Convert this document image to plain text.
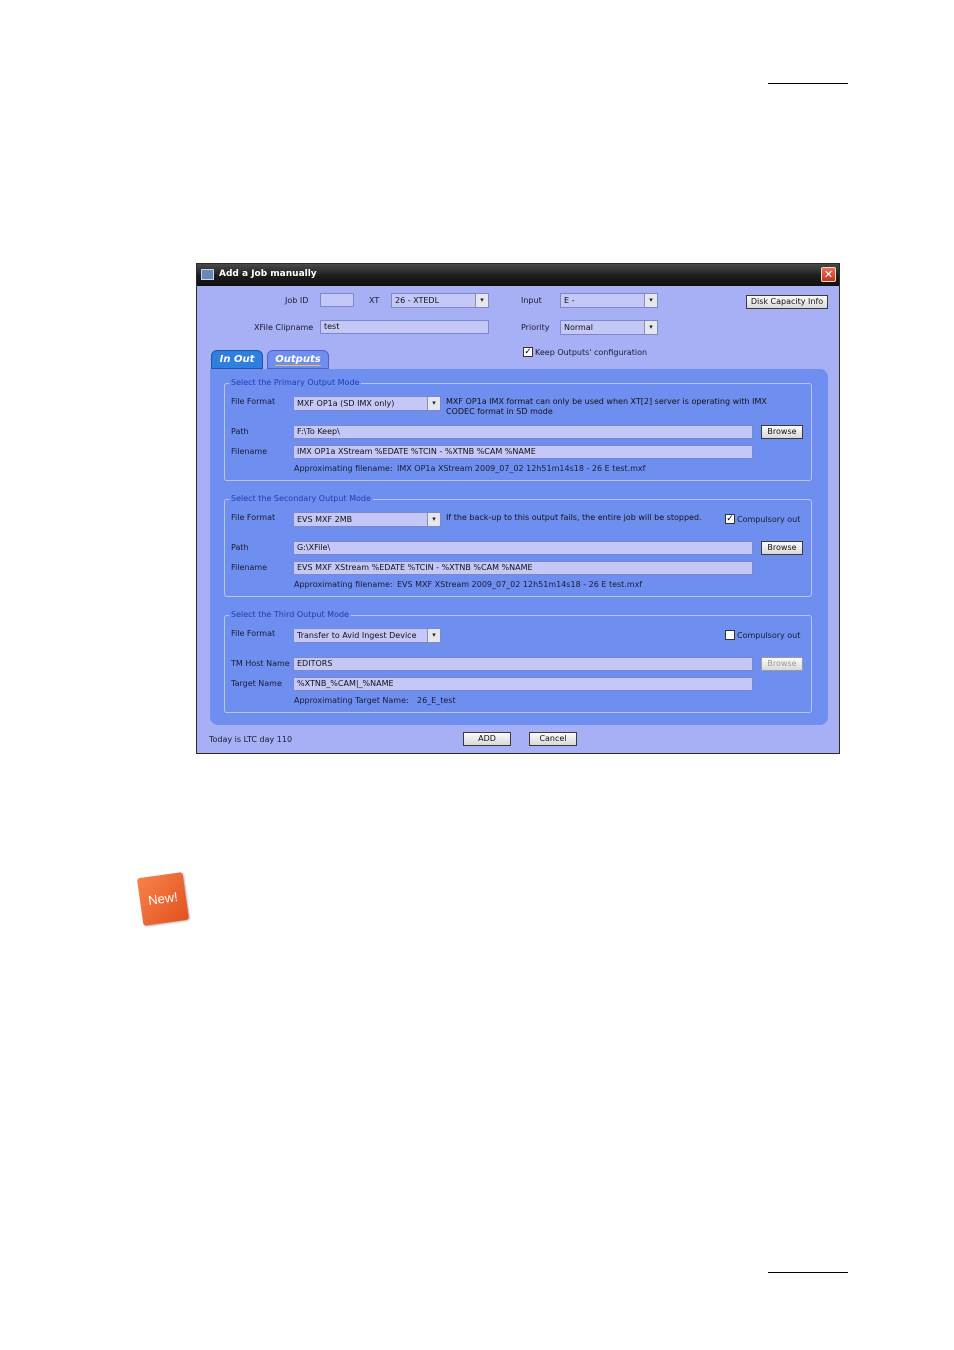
Add a Job manually	✕
Job ID	XT	26 - XTEDL	▾	Input	E -	▾	Disk Capacity Info
XFile Clipname	test	Priority	Normal	▾
✓ Keep Outputs' configuration
In Out	Outputs
Select the Primary Output Mode
File Format	MXF OP1a (SD IMX only)	▾	MXF OP1a IMX format can only be used when XT[2] server is operating with IMX CODEC format in SD mode
Path	F:\To Keep\	Browse
Filename	IMX OP1a XStream %EDATE %TCIN - %XTNB %CAM %NAME
Approximating filename: IMX OP1a XStream 2009_07_02 12h51m14s18 - 26 E test.mxf
Select the Secondary Output Mode
File Format	EVS MXF 2MB	▾	If the back-up to this output fails, the entire job will be stopped.	✓ Compulsory out
Path	G:\XFile\	Browse
Filename	EVS MXF XStream %EDATE %TCIN - %XTNB %CAM %NAME
Approximating filename: EVS MXF XStream 2009_07_02 12h51m14s18 - 26 E test.mxf
Select the Third Output Mode
File Format	Transfer to Avid Ingest Device	▾	Compulsory out
TM Host Name EDITORS	Browse
Target Name	%XTNB_%CAM|_%NAME
Approximating Target Name: 26_E_test
Today is LTC day 110	ADD	Cancel
New!
